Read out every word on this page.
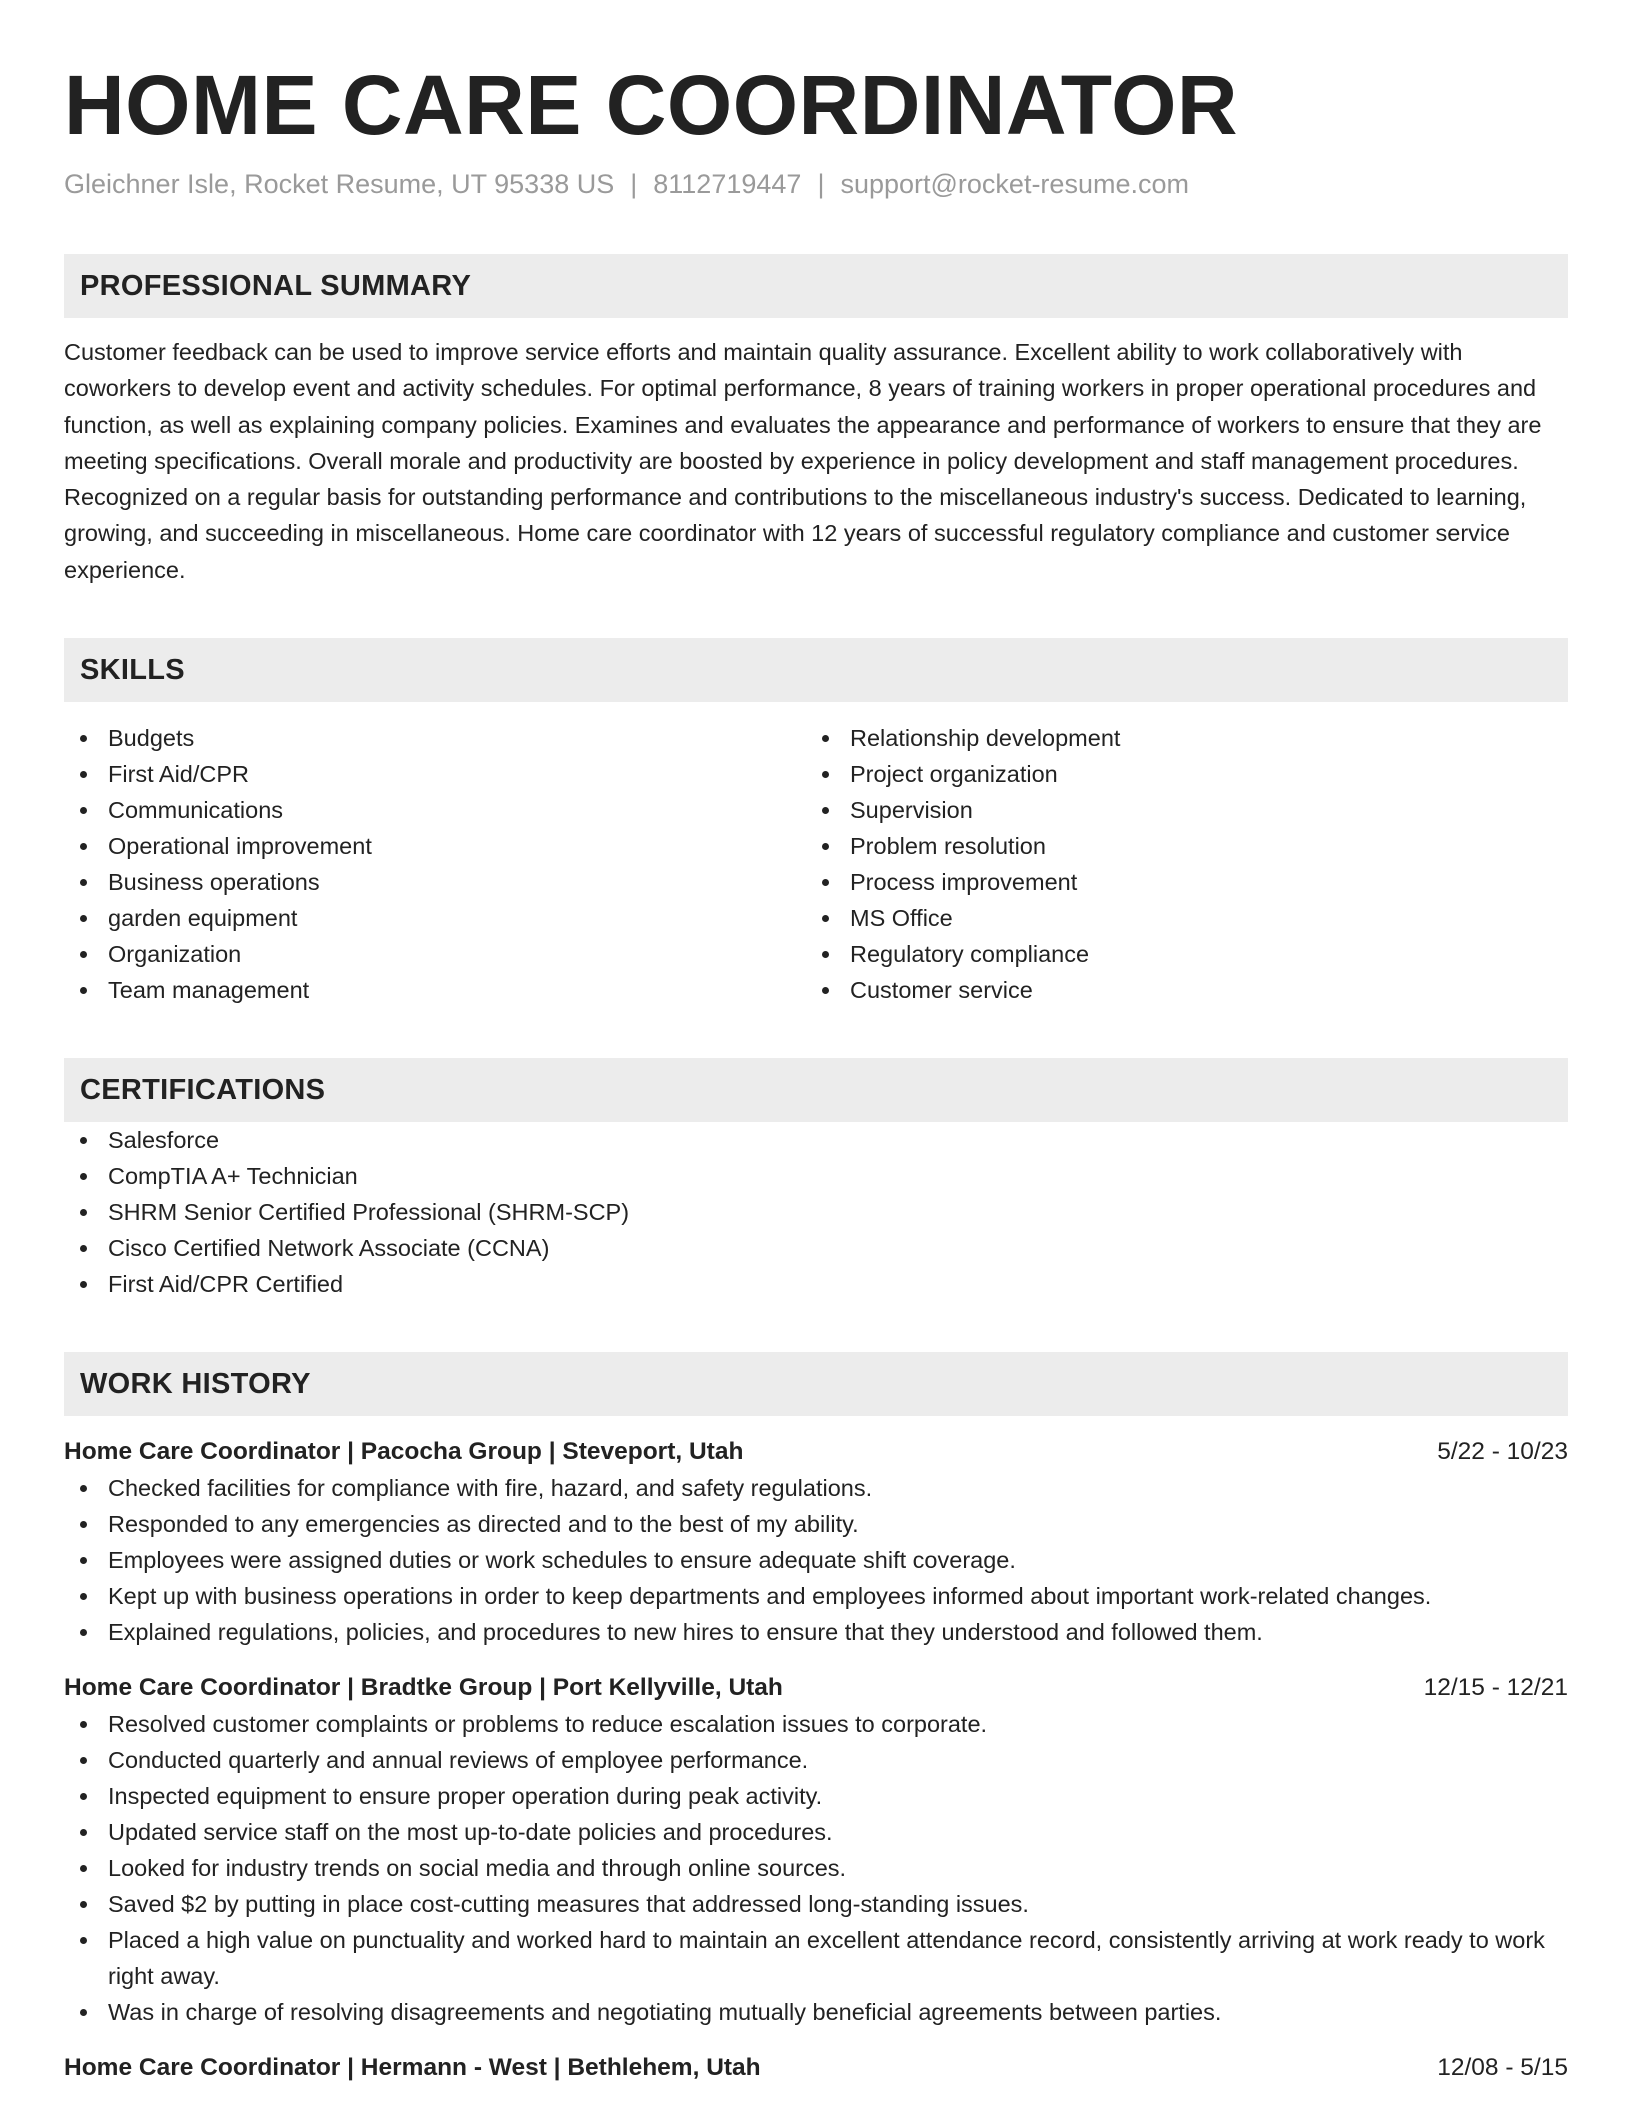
HOME CARE COORDINATOR
Gleichner Isle, Rocket Resume, UT 95338 US | 8112719447 | support@rocket-resume.com
PROFESSIONAL SUMMARY
Customer feedback can be used to improve service efforts and maintain quality assurance. Excellent ability to work collaboratively with coworkers to develop event and activity schedules. For optimal performance, 8 years of training workers in proper operational procedures and function, as well as explaining company policies. Examines and evaluates the appearance and performance of workers to ensure that they are meeting specifications. Overall morale and productivity are boosted by experience in policy development and staff management procedures. Recognized on a regular basis for outstanding performance and contributions to the miscellaneous industry's success. Dedicated to learning, growing, and succeeding in miscellaneous. Home care coordinator with 12 years of successful regulatory compliance and customer service experience.
SKILLS
Budgets
First Aid/CPR
Communications
Operational improvement
Business operations
garden equipment
Organization
Team management
Relationship development
Project organization
Supervision
Problem resolution
Process improvement
MS Office
Regulatory compliance
Customer service
CERTIFICATIONS
Salesforce
CompTIA A+ Technician
SHRM Senior Certified Professional (SHRM-SCP)
Cisco Certified Network Associate (CCNA)
First Aid/CPR Certified
WORK HISTORY
Home Care Coordinator | Pacocha Group | Steveport, Utah	5/22 - 10/23
Checked facilities for compliance with fire, hazard, and safety regulations.
Responded to any emergencies as directed and to the best of my ability.
Employees were assigned duties or work schedules to ensure adequate shift coverage.
Kept up with business operations in order to keep departments and employees informed about important work-related changes.
Explained regulations, policies, and procedures to new hires to ensure that they understood and followed them.
Home Care Coordinator | Bradtke Group | Port Kellyville, Utah	12/15 - 12/21
Resolved customer complaints or problems to reduce escalation issues to corporate.
Conducted quarterly and annual reviews of employee performance.
Inspected equipment to ensure proper operation during peak activity.
Updated service staff on the most up-to-date policies and procedures.
Looked for industry trends on social media and through online sources.
Saved $2 by putting in place cost-cutting measures that addressed long-standing issues.
Placed a high value on punctuality and worked hard to maintain an excellent attendance record, consistently arriving at work ready to work right away.
Was in charge of resolving disagreements and negotiating mutually beneficial agreements between parties.
Home Care Coordinator | Hermann - West | Bethlehem, Utah	12/08 - 5/15
